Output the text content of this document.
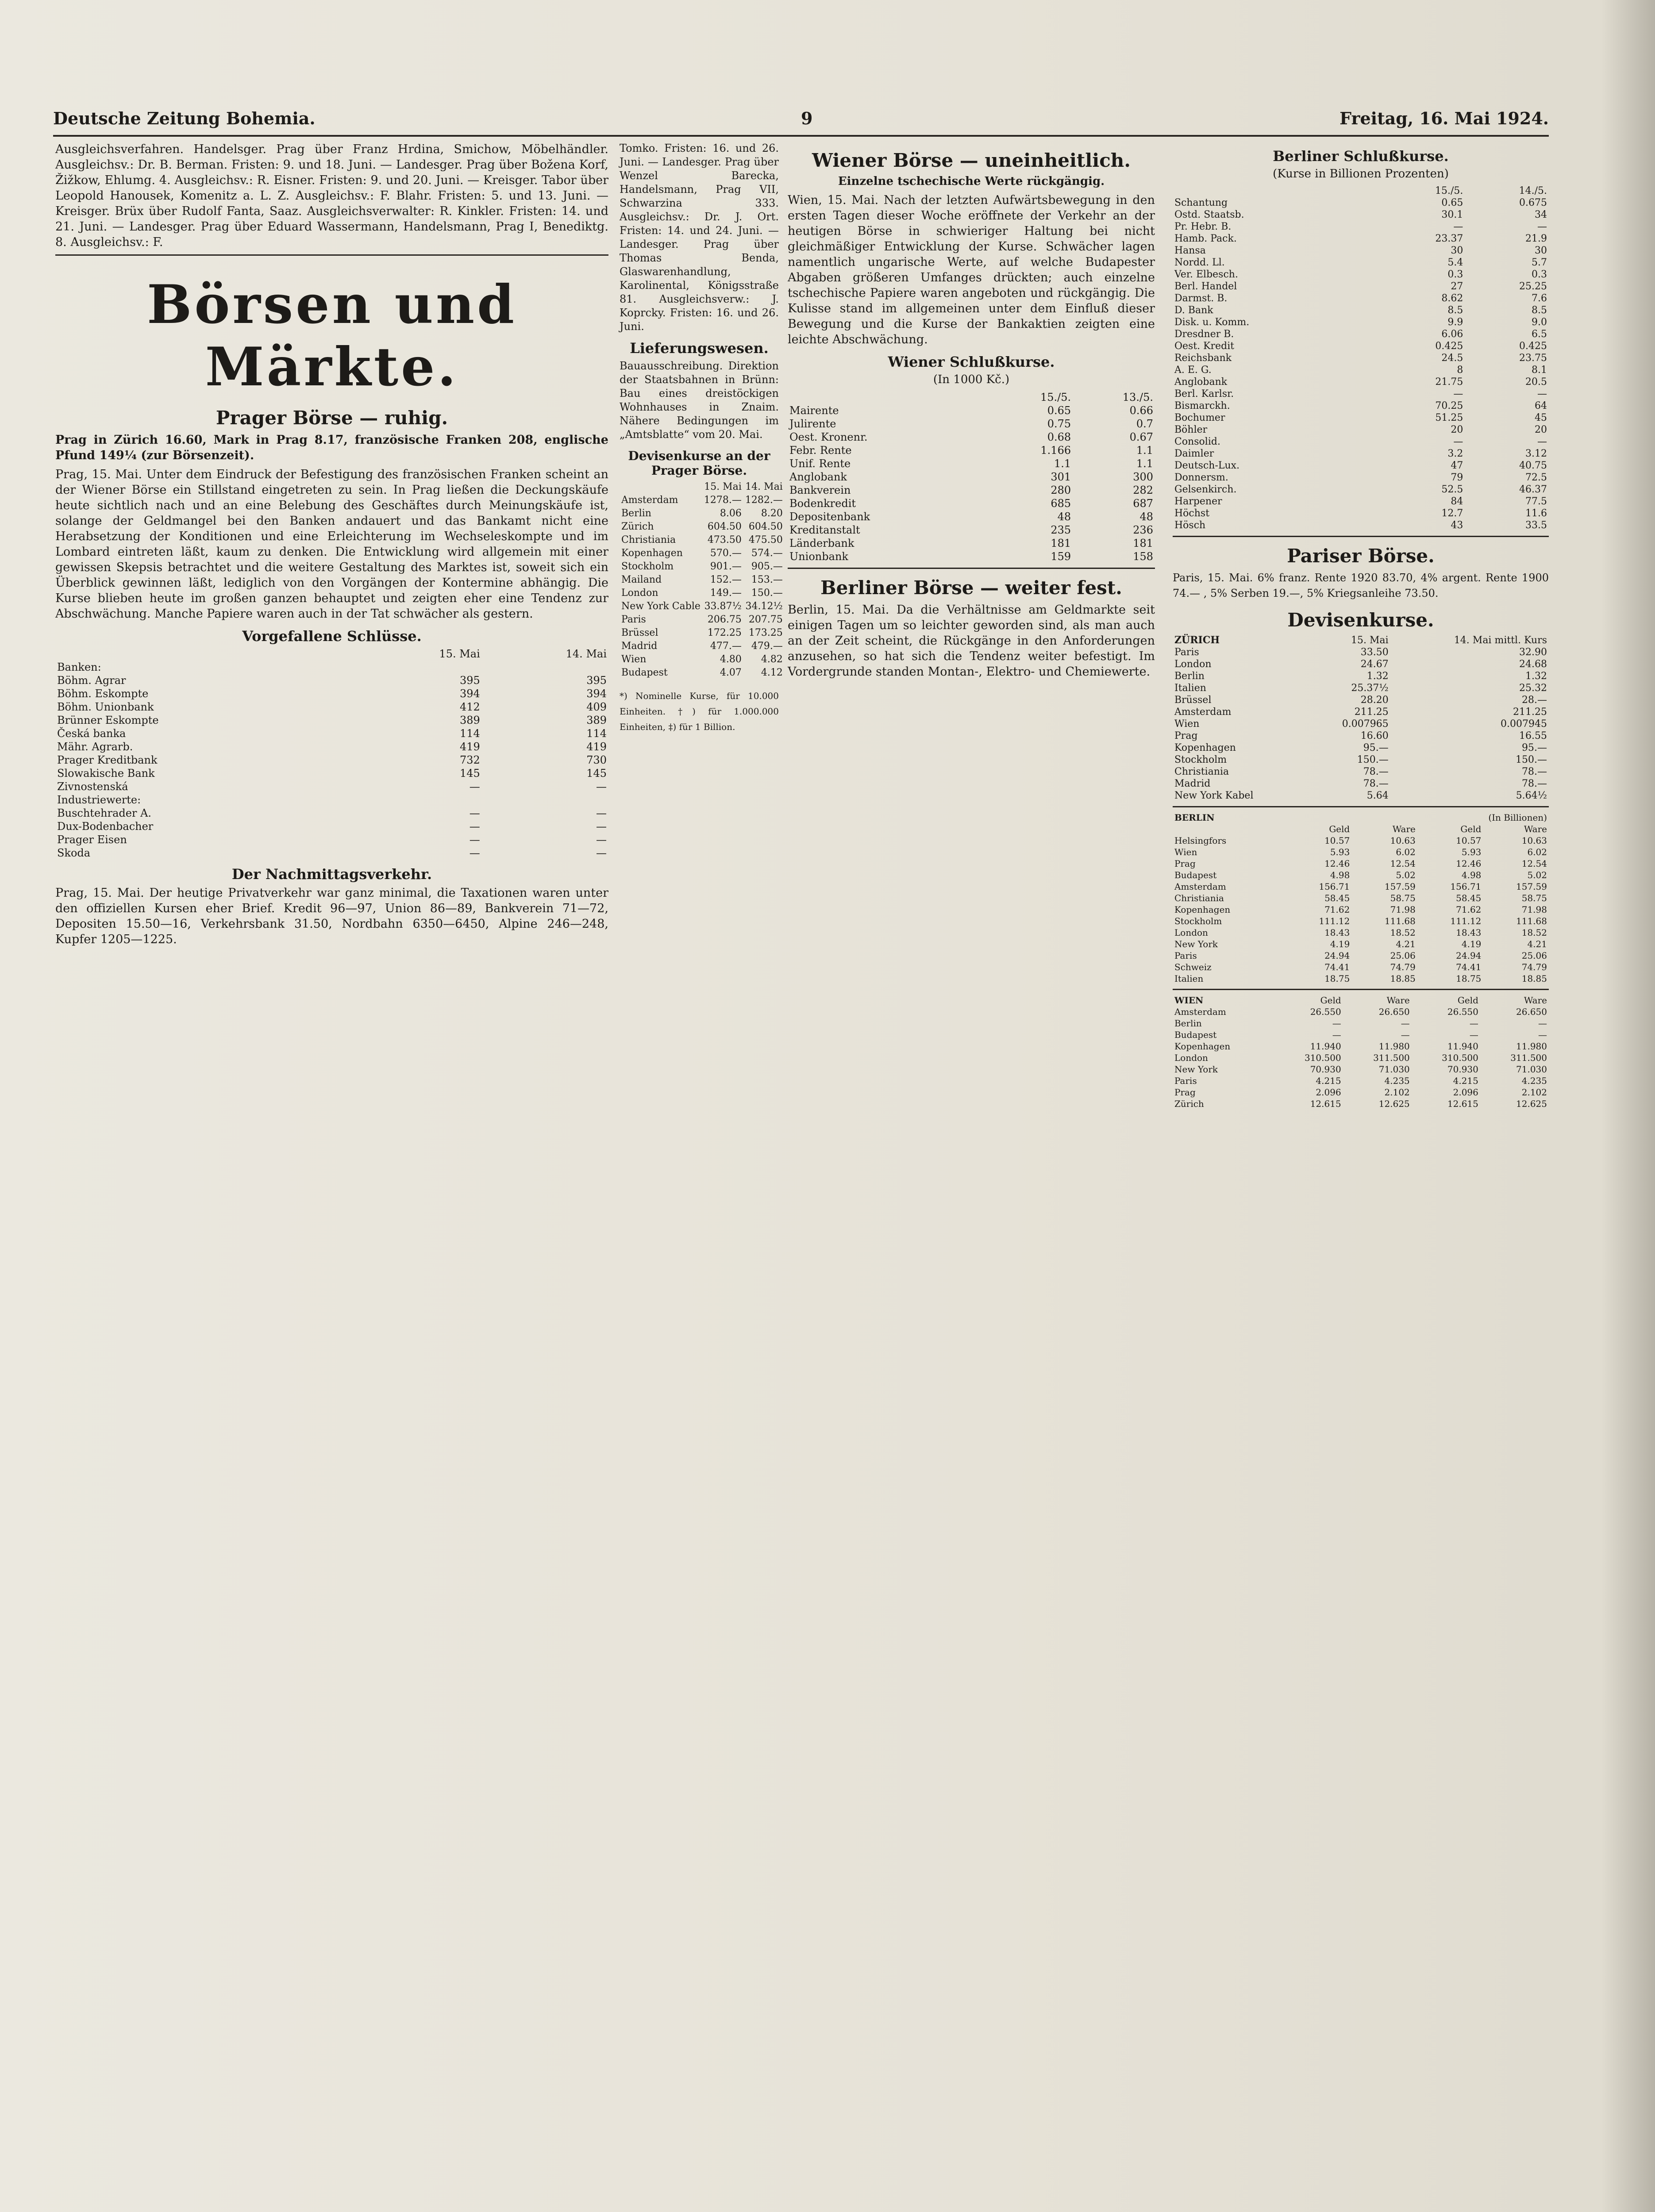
Deutsche Zeitung Bohemia.	9	Freitag, 16. Mai 1924.

Ausgleichsverfahren. Handelsger. Prag über Franz Hrdina, Smichow, Möbelhändler. Ausgleichsv.: Dr. B. Berman. Fristen: 9. und 18. Juni. — Landesger. Prag über Božena Korf, Žižkow, Ehlumg. 4. Ausgleichsv.: R. Eisner. Fristen: 9. und 20. Juni. — Kreisger. Tabor über Leopold Hanousek, Komenitz a. L. Z. Ausgleichsv.: F. Blahr. Fristen: 5. und 13. Juni. — Kreisger. Brüx über Rudolf Fanta, Saaz. Ausgleichsverwalter: R. Kinkler. Fristen: 14. und 21. Juni. — Landesger. Prag über Eduard Wassermann, Handelsmann, Prag I, Benediktg. 8. Ausgleichsv.: F.

Börsen und Märkte.
Prager Börse — ruhig.

Prag in Zürich 16.60, Mark in Prag 8.17, französische Franken 208, englische Pfund 149¼ (zur Börsenzeit).

Prag, 15. Mai. Unter dem Eindruck der Befestigung des französischen Franken scheint an der Wiener Börse ein Stillstand eingetreten zu sein. In Prag ließen die Deckungskäufe heute sichtlich nach und an eine Belebung des Geschäftes durch Meinungskäufe ist, solange der Geldmangel bei den Banken andauert und das Bankamt nicht eine Herabsetzung der Konditionen und eine Erleichterung im Wechseleskompte und im Lombard eintreten läßt, kaum zu denken. Die Entwicklung wird allgemein mit einer gewissen Skepsis betrachtet und die weitere Gestaltung des Marktes ist, soweit sich ein Überblick gewinnen läßt, lediglich von den Vorgängen der Kontermine abhängig. Die Kurse blieben heute im großen ganzen behauptet und zeigten eher eine Tendenz zur Abschwächung. Manche Papiere waren auch in der Tat schwächer als gestern.

Vorgefallene Schlüsse.
	15. Mai	14. Mai
Banken:		
Böhm. Agrar	395	395
Böhm. Eskompte	394	394
Böhm. Unionbank	412	409
Brünner Eskompte	389	389
Česká banka	114	114
Mähr. Agrarb.	419	419
Prager Kreditbank	732	730
Slowakische Bank	145	145
Zivnostenská	—	—
Industriewerte:		
Buschtehrader A.	—	—
Dux-Bodenbacher	—	—
Prager Eisen	—	—
Skoda	—	—
Der Nachmittagsverkehr.

Prag, 15. Mai. Der heutige Privatverkehr war ganz minimal, die Taxationen waren unter den offiziellen Kursen eher Brief. Kredit 96—97, Union 86—89, Bankverein 71—72, Depositen 15.50—16, Verkehrsbank 31.50, Nordbahn 6350—6450, Alpine 246—248, Kupfer 1205—1225.

Tomko. Fristen: 16. und 26. Juni. — Landesger. Prag über Wenzel Barecka, Handelsmann, Prag VII, Schwarzina 333. Ausgleichsv.: Dr. J. Ort. Fristen: 14. und 24. Juni. — Landesger. Prag über Thomas Benda, Glaswarenhandlung, Karolinental, Königsstraße 81. Ausgleichsverw.: J. Koprcky. Fristen: 16. und 26. Juni.

Lieferungswesen.

Bauausschreibung. Direktion der Staatsbahnen in Brünn: Bau eines dreistöckigen Wohnhauses in Znaim. Nähere Bedingungen im „Amtsblatte“ vom 20. Mai.

Devisenkurse an der Prager Börse.
	15. Mai	14. Mai
Amsterdam	1278.—	1282.—
Berlin	8.06	8.20
Zürich	604.50	604.50
Christiania	473.50	475.50
Kopenhagen	570.—	574.—
Stockholm	901.—	905.—
Mailand	152.—	153.—
London	149.—	150.—
New York Cable	33.87½	34.12½
Paris	206.75	207.75
Brüssel	172.25	173.25
Madrid	477.—	479.—
Wien	4.80	4.82
Budapest	4.07	4.12

*) Nominelle Kurse, für 10.000 Einheiten. †) für 1.000.000 Einheiten, ‡) für 1 Billion.

Wiener Börse — uneinheitlich.
Einzelne tschechische Werte rückgängig.

Wien, 15. Mai. Nach der letzten Aufwärtsbewegung in den ersten Tagen dieser Woche eröffnete der Verkehr an der heutigen Börse in schwieriger Haltung bei nicht gleichmäßiger Entwicklung der Kurse. Schwächer lagen namentlich ungarische Werte, auf welche Budapester Abgaben größeren Umfanges drückten; auch einzelne tschechische Papiere waren angeboten und rückgängig. Die Kulisse stand im allgemeinen unter dem Einfluß dieser Bewegung und die Kurse der Bankaktien zeigten eine leichte Abschwächung.

Wiener Schlußkurse.
(In 1000 Kč.)
	15./5.	13./5.
Mairente	0.65	0.66
Julirente	0.75	0.7
Oest. Kronenr.	0.68	0.67
Febr. Rente	1.166	1.1
Unif. Rente	1.1	1.1
Anglobank	301	300
Bankverein	280	282
Bodenkredit	685	687
Depositenbank	48	48
Kreditanstalt	235	236
Länderbank	181	181
Unionbank	159	158
Berliner Börse — weiter fest.

Berlin, 15. Mai. Da die Verhältnisse am Geldmarkte seit einigen Tagen um so leichter geworden sind, als man auch an der Zeit scheint, die Rückgänge in den Anforderungen anzusehen, so hat sich die Tendenz weiter befestigt. Im Vordergrunde standen Montan-, Elektro- und Chemiewerte.

Berliner Schlußkurse.
(Kurse in Billionen Prozenten)
	15./5.	14./5.
Schantung	0.65	0.675
Ostd. Staatsb.	30.1	34
Pr. Hebr. B.	—	—
Hamb. Pack.	23.37	21.9
Hansa	30	30
Nordd. Ll.	5.4	5.7
Ver. Elbesch.	0.3	0.3
Berl. Handel	27	25.25
Darmst. B.	8.62	7.6
D. Bank	8.5	8.5
Disk. u. Komm.	9.9	9.0
Dresdner B.	6.06	6.5
Oest. Kredit	0.425	0.425
Reichsbank	24.5	23.75
A. E. G.	8	8.1
Anglobank	21.75	20.5
Berl. Karlsr.	—	—
Bismarckh.	70.25	64
Bochumer	51.25	45
Böhler	20	20
Consolid.	—	—
Daimler	3.2	3.12
Deutsch-Lux.	47	40.75
Donnersm.	79	72.5
Gelsenkirch.	52.5	46.37
Harpener	84	77.5
Höchst	12.7	11.6
Hösch	43	33.5
Pariser Börse.

Paris, 15. Mai. 6% franz. Rente 1920 83.70, 4% argent. Rente 1900 74.— , 5% Serben 19.—, 5% Kriegsanleihe 73.50.

Devisenkurse.
ZÜRICH	15. Mai	14. Mai mittl. Kurs
Paris	33.50	32.90
London	24.67	24.68
Berlin	1.32	1.32
Italien	25.37½	25.32
Brüssel	28.20	28.—
Amsterdam	211.25	211.25
Wien	0.007965	0.007945
Prag	16.60	16.55
Kopenhagen	95.—	95.—
Stockholm	150.—	150.—
Christiania	78.—	78.—
Madrid	78.—	78.—
New York Kabel	5.64	5.64½
BERLIN	(In Billionen)			
	Geld	Ware	Geld	Ware
Helsingfors	10.57	10.63	10.57	10.63
Wien	5.93	6.02	5.93	6.02
Prag	12.46	12.54	12.46	12.54
Budapest	4.98	5.02	4.98	5.02
Amsterdam	156.71	157.59	156.71	157.59
Christiania	58.45	58.75	58.45	58.75
Kopenhagen	71.62	71.98	71.62	71.98
Stockholm	111.12	111.68	111.12	111.68
London	18.43	18.52	18.43	18.52
New York	4.19	4.21	4.19	4.21
Paris	24.94	25.06	24.94	25.06
Schweiz	74.41	74.79	74.41	74.79
Italien	18.75	18.85	18.75	18.85
WIEN	Geld	Ware	Geld	Ware
Amsterdam	26.550	26.650	26.550	26.650
Berlin	—	—	—	—
Budapest	—	—	—	—
Kopenhagen	11.940	11.980	11.940	11.980
London	310.500	311.500	310.500	311.500
New York	70.930	71.030	70.930	71.030
Paris	4.215	4.235	4.215	4.235
Prag	2.096	2.102	2.096	2.102
Zürich	12.615	12.625	12.615	12.625
